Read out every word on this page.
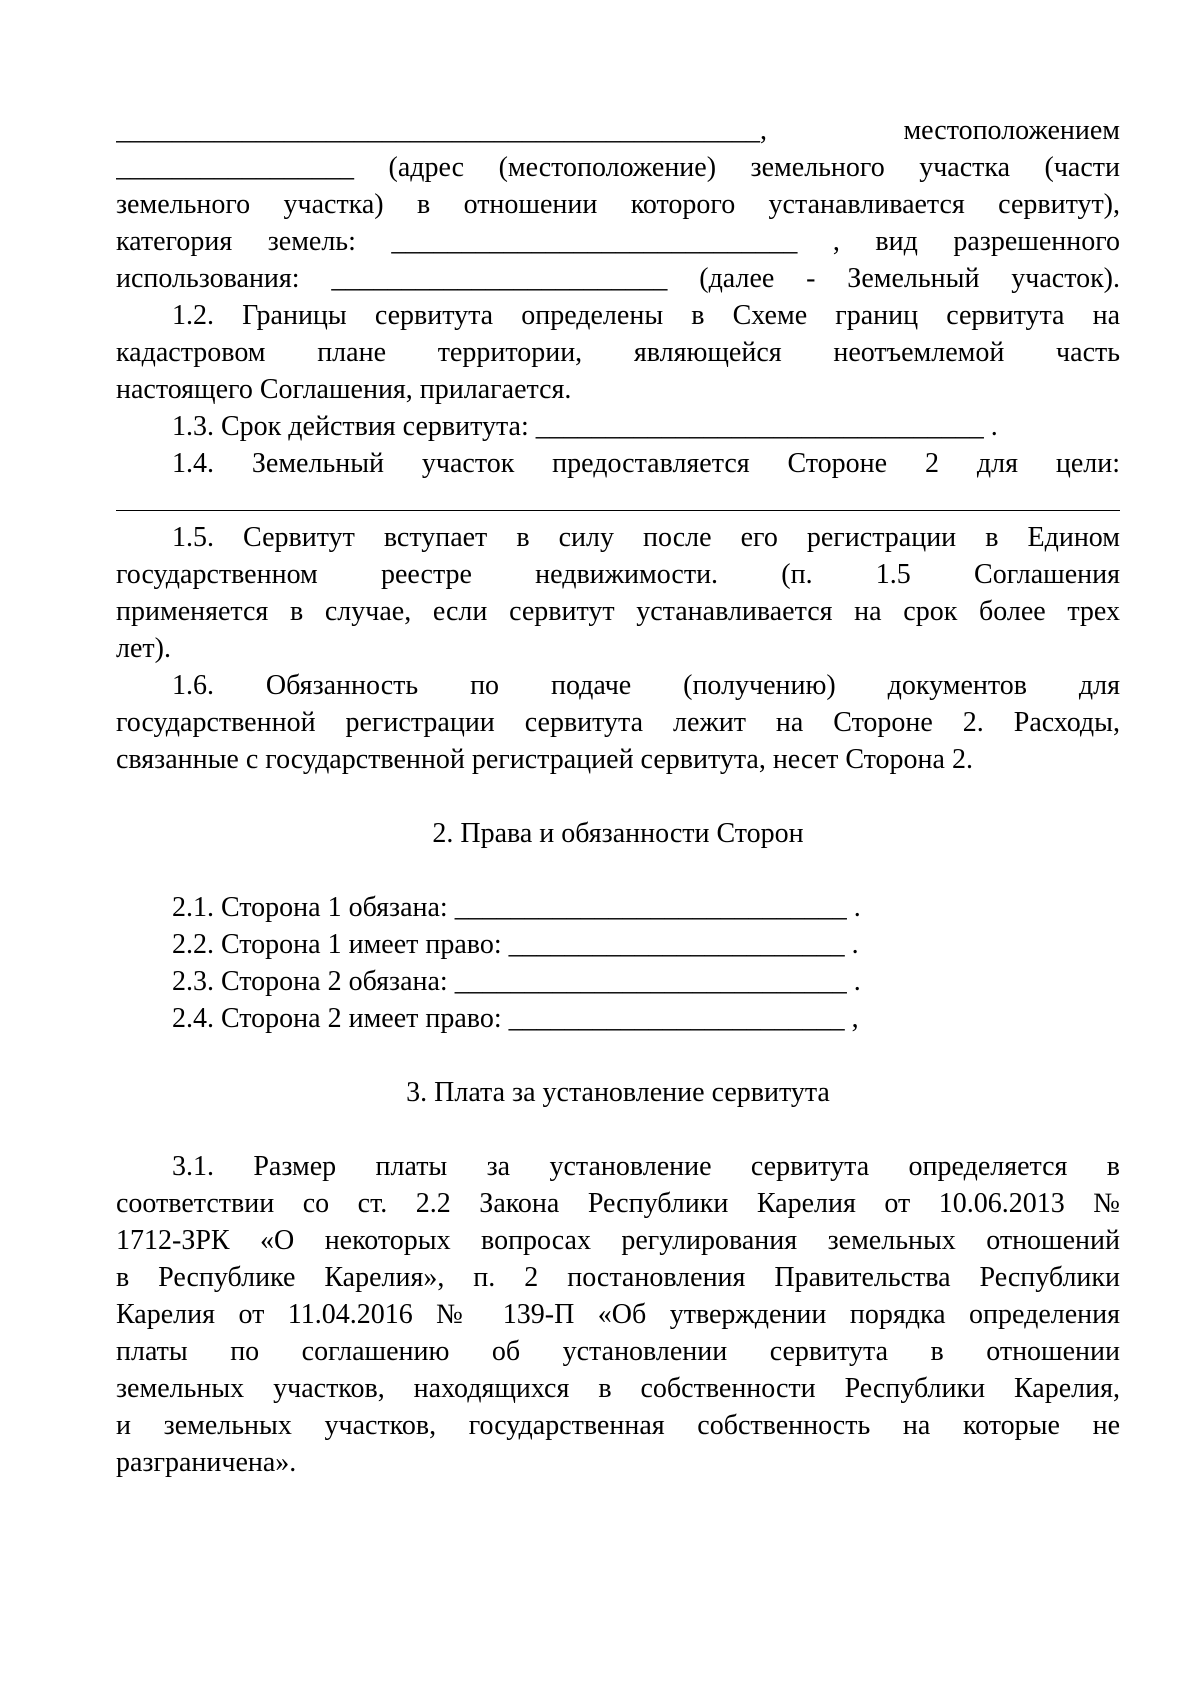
______________________________________________, местоположением
_________________ (адрес (местоположение) земельного участка (части
земельного участка) в отношении которого устанавливается сервитут),
категория земель: _____________________________ , вид разрешенного
использования: ________________________ (далее - Земельный участок).
1.2. Границы сервитута определены в Схеме границ сервитута на
кадастровом плане территории, являющейся неотъемлемой часть
настоящего Соглашения, прилагается.
1.3. Срок действия сервитута: ________________________________ .
1.4. Земельный участок предоставляется Стороне 2 для цели:
1.5. Сервитут вступает в силу после его регистрации в Едином
государственном реестре недвижимости. (п. 1.5 Соглашения
применяется в случае, если сервитут устанавливается на срок более трех
лет).
1.6. Обязанность по подаче (получению) документов для
государственной регистрации сервитута лежит на Стороне 2. Расходы,
связанные с государственной регистрацией сервитута, несет Сторона 2.
2. Права и обязанности Сторон
2.1. Сторона 1 обязана: ____________________________ .
2.2. Сторона 1 имеет право: ________________________ .
2.3. Сторона 2 обязана: ____________________________ .
2.4. Сторона 2 имеет право: ________________________ ,
3. Плата за установление сервитута
3.1. Размер платы за установление сервитута определяется в
соответствии со ст. 2.2 Закона Республики Карелия от 10.06.2013 №
1712-ЗРК «О некоторых вопросах регулирования земельных отношений
в Республике Карелия», п. 2 постановления Правительства Республики
Карелия от 11.04.2016 № 139-П «Об утверждении порядка определения
платы по соглашению об установлении сервитута в отношении
земельных участков, находящихся в собственности Республики Карелия,
и земельных участков, государственная собственность на которые не
разграничена».
